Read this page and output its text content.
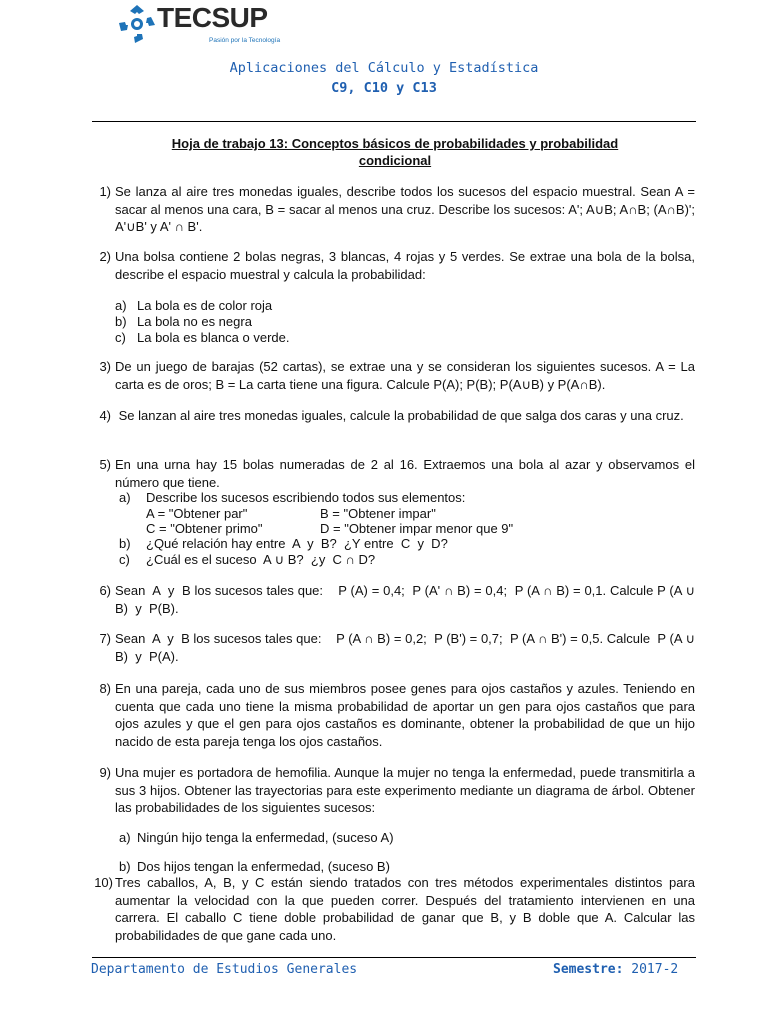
TECSUP
Pasión por la Tecnología
Aplicaciones del Cálculo y Estadística
C9, C10 y C13
Hoja de trabajo 13: Conceptos básicos de probabilidades y probabilidad
condicional
1) Se lanza al aire tres monedas iguales, describe todos los sucesos del espacio muestral. Sean A = sacar al menos una cara, B = sacar al menos una cruz. Describe los sucesos: A'; A∪B; A∩B; (A∩B)'; A'∪B' y A' ∩ B'.
2) Una bolsa contiene 2 bolas negras, 3 blancas, 4 rojas y 5 verdes. Se extrae una bola de la bolsa, describe el espacio muestral y calcula la probabilidad:
a) La bola es de color roja
b) La bola no es negra
c) La bola es blanca o verde.
3) De un juego de barajas (52 cartas), se extrae una y se consideran los siguientes sucesos. A = La carta es de oros; B = La carta tiene una figura. Calcule P(A); P(B); P(A∪B) y P(A∩B).
4) Se lanzan al aire tres monedas iguales, calcule la probabilidad de que salga dos caras y una cruz.
5) En una urna hay 15 bolas numeradas de 2 al 16. Extraemos una bola al azar y observamos el número que tiene.
a) Describe los sucesos escribiendo todos sus elementos:
A = "Obtener par"	B = "Obtener impar"
C = "Obtener primo"	D = "Obtener impar menor que 9"
b) ¿Qué relación hay entre  A  y  B?  ¿Y entre  C  y  D?
c) ¿Cuál es el suceso  A ∪ B?  ¿y  C ∩ D?
6) Sean  A  y  B los sucesos tales que:    P (A) = 0,4;  P (A' ∩ B) = 0,4;  P (A ∩ B) = 0,1. Calcule P (A ∪ B)  y  P(B).
7) Sean  A  y  B los sucesos tales que:    P (A ∩ B) = 0,2;  P (B') = 0,7;  P (A ∩ B') = 0,5. Calcule  P (A ∪ B)  y  P(A).
8) En una pareja, cada uno de sus miembros posee genes para ojos castaños y azules. Teniendo en cuenta que cada uno tiene la misma probabilidad de aportar un gen para ojos castaños que para ojos azules y que el gen para ojos castaños es dominante, obtener la probabilidad de que un hijo nacido de esta pareja tenga los ojos castaños.
9) Una mujer es portadora de hemofilia. Aunque la mujer no tenga la enfermedad, puede transmitirla a sus 3 hijos. Obtener las trayectorias para este experimento mediante un diagrama de árbol. Obtener las probabilidades de los siguientes sucesos:
a) Ningún hijo tenga la enfermedad, (suceso A)
b) Dos hijos tengan la enfermedad, (suceso B)
10) Tres caballos, A, B, y C están siendo tratados con tres métodos experimentales distintos para aumentar la velocidad con la que pueden correr. Después del tratamiento intervienen en una carrera. El caballo C tiene doble probabilidad de ganar que B, y B doble que A. Calcular las probabilidades de que gane cada uno.
Departamento de Estudios Generales	Semestre: 2017-2
